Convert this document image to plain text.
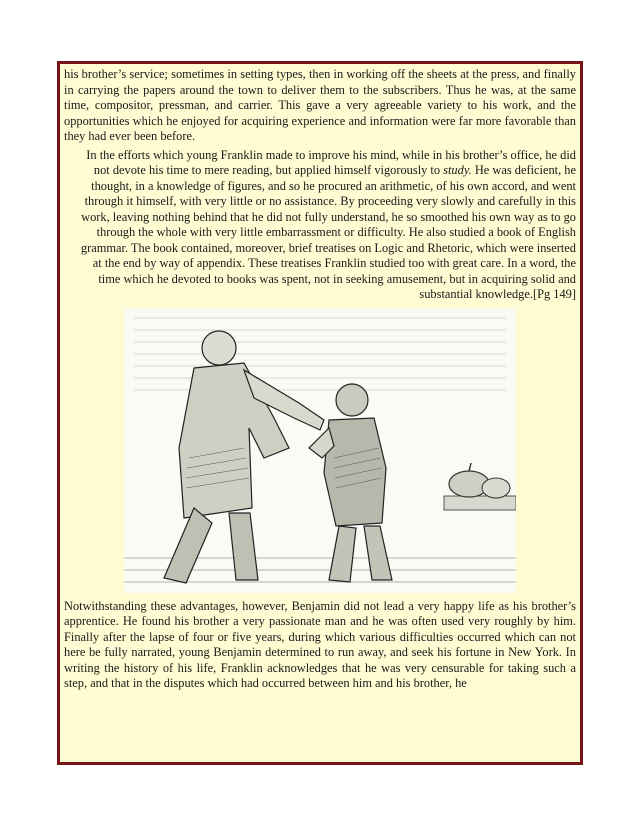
his brother’s service; sometimes in setting types, then in working off the sheets at the press, and finally in carrying the papers around the town to deliver them to the subscribers. Thus he was, at the same time, compositor, pressman, and carrier. This gave a very agreeable variety to his work, and the opportunities which he enjoyed for acquiring experience and information were far more favorable than they had ever been before.

In the efforts which young Franklin made to improve his mind, while in his brother’s office, he did not devote his time to mere reading, but applied himself vigorously to study. He was deficient, he thought, in a knowledge of figures, and so he procured an arithmetic, of his own accord, and went through it himself, with very little or no assistance. By proceeding very slowly and carefully in this work, leaving nothing behind that he did not fully understand, he so smoothed his own way as to go through the whole with very little embarrassment or difficulty. He also studied a book of English grammar. The book contained, moreover, brief treatises on Logic and Rhetoric, which were inserted at the end by way of appendix. These treatises Franklin studied too with great care. In a word, the time which he devoted to books was spent, not in seeking amusement, but in acquiring solid and substantial knowledge.[Pg 149]

Notwithstanding these advantages, however, Benjamin did not lead a very happy life as his brother’s apprentice. He found his brother a very passionate man and he was often used very roughly by him. Finally after the lapse of four or five years, during which various difficulties occurred which can not here be fully narrated, young Benjamin determined to run away, and seek his fortune in New York. In writing the history of his life, Franklin acknowledges that he was very censurable for taking such a step, and that in the disputes which had occurred between him and his brother, he
